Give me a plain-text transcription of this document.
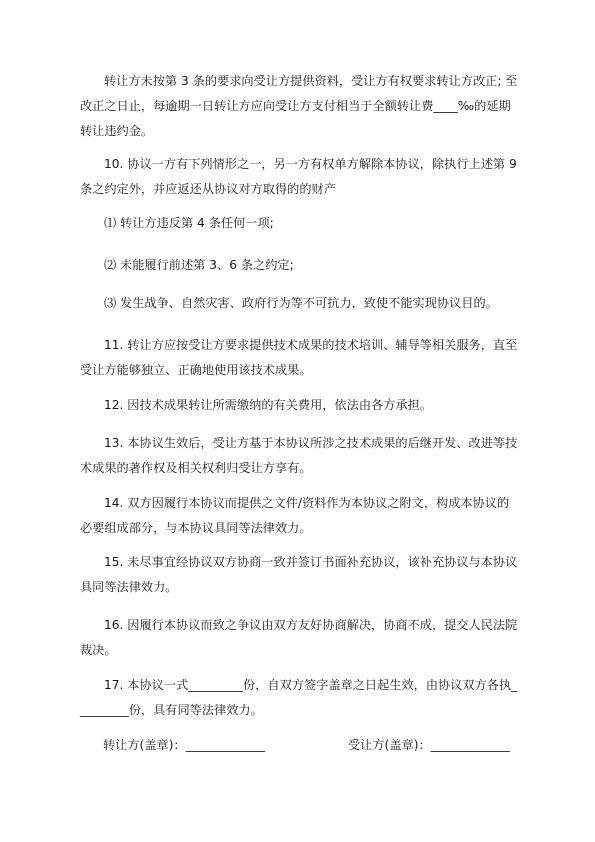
转让方未按第 3 条的要求向受让方提供资料，受让方有权要求转让方改正; 至改正之日止，每逾期一日转让方应向受让方支付相当于全额转让费____‰的延期转让违约金。

10. 协议一方有下列情形之一，另一方有权单方解除本协议，除执行上述第 9 条之约定外，并应返还从协议对方取得的的财产

⑴ 转让方违反第 4 条任何一项;

⑵ 未能履行前述第 3、6 条之约定;

⑶ 发生战争、自然灾害、政府行为等不可抗力，致使不能实现协议目的。

11. 转让方应按受让方要求提供技术成果的技术培训、辅导等相关服务，直至受让方能够独立、正确地使用该技术成果。

12. 因技术成果转让所需缴纳的有关费用，依法由各方承担。

13. 本协议生效后，受让方基于本协议所涉之技术成果的后继开发、改进等技术成果的著作权及相关权利归受让方享有。

14. 双方因履行本协议而提供之文件/资料作为本协议之附文，构成本协议的必要组成部分，与本协议具同等法律效力。

15. 未尽事宜经协议双方协商一致并签订书面补充协议，该补充协议与本协议具同等法律效力。

16. 因履行本协议而致之争议由双方友好协商解决，协商不成，提交人民法院裁决。

17. 本协议一式_________份，自双方签字盖章之日起生效，由协议双方各执_________份，具有同等法律效力。

转让方(盖章)：_____________	受让方(盖章)：_____________
